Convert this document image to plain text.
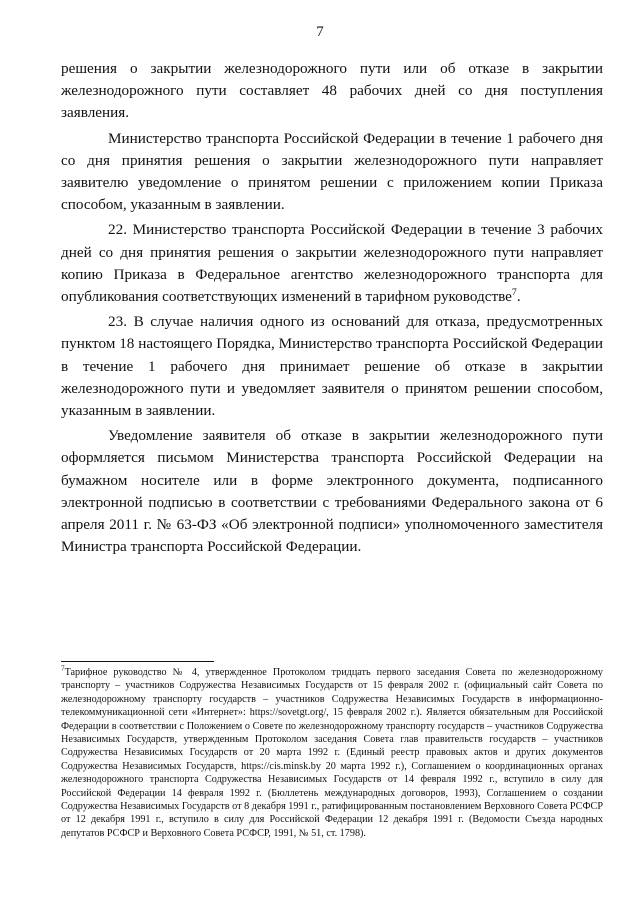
7

решения о закрытии железнодорожного пути или об отказе в закрытии железнодорожного пути составляет 48 рабочих дней со дня поступления заявления.

Министерство транспорта Российской Федерации в течение 1 рабочего дня со дня принятия решения о закрытии железнодорожного пути направляет заявителю уведомление о принятом решении с приложением копии Приказа способом, указанным в заявлении.

22. Министерство транспорта Российской Федерации в течение 3 рабочих дней со дня принятия решения о закрытии железнодорожного пути направляет копию Приказа в Федеральное агентство железнодорожного транспорта для опубликования соответствующих изменений в тарифном руководстве$^7$.

23. В случае наличия одного из оснований для отказа, предусмотренных пунктом 18 настоящего Порядка, Министерство транспорта Российской Федерации в течение 1 рабочего дня принимает решение об отказе в закрытии железнодорожного пути и уведомляет заявителя о принятом решении способом, указанным в заявлении.

Уведомление заявителя об отказе в закрытии железнодорожного пути оформляется письмом Министерства транспорта Российской Федерации на бумажном носителе или в форме электронного документа, подписанного электронной подписью в соответствии с требованиями Федерального закона от 6 апреля 2011 г. № 63-ФЗ «Об электронной подписи» уполномоченного заместителя Министра транспорта Российской Федерации.

$^7$Тарифное руководство № 4, утвержденное Протоколом тридцать первого заседания Совета по железнодорожному транспорту – участников Содружества Независимых Государств от 15 февраля 2002 г. (официальный сайт Совета по железнодорожному транспорту государств – участников Содружества Независимых Государств в информационно-телекоммуникационной сети «Интернет»: https://sovetgt.org/, 15 февраля 2002 г.). Является обязательным для Российской Федерации в соответствии с Положением о Совете по железнодорожному транспорту государств – участников Содружества Независимых Государств, утвержденным Протоколом заседания Совета глав правительств государств – участников Содружества Независимых Государств от 20 марта 1992 г. (Единый реестр правовых актов и других документов Содружества Независимых Государств, https://cis.minsk.by 20 марта 1992 г.), Соглашением о координационных органах железнодорожного транспорта Содружества Независимых Государств от 14 февраля 1992 г., вступило в силу для Российской Федерации 14 февраля 1992 г. (Бюллетень международных договоров, 1993), Соглашением о создании Содружества Независимых Государств от 8 декабря 1991 г., ратифицированным постановлением Верховного Совета РСФСР от 12 декабря 1991 г., вступило в силу для Российской Федерации 12 декабря 1991 г. (Ведомости Съезда народных депутатов РСФСР и Верховного Совета РСФСР, 1991, № 51, ст. 1798).
